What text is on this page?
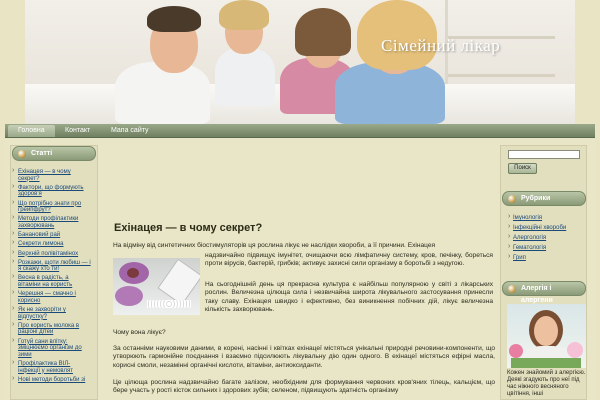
Сімейний лікар
Головна	Контакт	Мапа сайту
Статті
› Ехінацея — в чому секрет?
› Фактори, що формують здоров'я
› Що потрібно знати про грейпфрут?
› Методи профілактики захворювань
› Банановий рай
› Секрети лимона
› Верхній полівітамінох
› Розкажи, щоти любиш — і я скажу хто ти!
› Весна в радість, а вітаміни на користь
› Черешня — смачно і корисно
› Як не захворіти у відпустку?
› Про користь молока в раціоні дітей
› Готуй сани влітку: зміцнюємо організм до зими
› Профілактика ВІЛ-інфекції у немовлят
› Нові методи боротьби зі
Ехінацея — в чому секрет?
На відміну від синтетичних біостимуляторів ця рослина лікує не наслідки хвороби, а її причини. Ехінацея
надзвичайно підвищує імунітет, очищаючи всю лімфатичну систему, кров, печінку, бореться проти вірусів, бактерій, грибків; активує захисні сили організму в боротьбі з недугою.
На сьогоднішній день ця прекрасна культура є найбільш популярною у світі з лікарських рослин. Величезна цілюща сила і незвичайна широта лікувального застосування принесли таку славу. Ехінацея швидко і ефективно, без виникнення побічних дій, лікує величезна кількість захворювань.
Чому вона лікує?
За останніми науковими даними, в корені, насінні і квітках ехінацеї містяться унікальні природні речовини-компоненти, що утворюють гармонійне поєднання і взаємно підсилюють лікувальну дію один одного. В ехінацеї містяться ефірні масла, корисні смоли, незамінні органічні кислоти, вітаміни, антиоксиданти.
Це цілюща рослина надзвичайно багате залізом, необхідним для формування червоних кров'яних тілець, кальцієм, що бере участь у рості кісток сильних і здорових зубів; селеном, підвищують здатність організму
Поиск
Рубрики
› Імунологія
› Інфекційні хвороби
› Алергологія
› Гематологія
› Грип
Алергія і алергени
Кожен знайомий з алергією. Деякі згадують про неї під час ніжного весняного цвітіння, інші
